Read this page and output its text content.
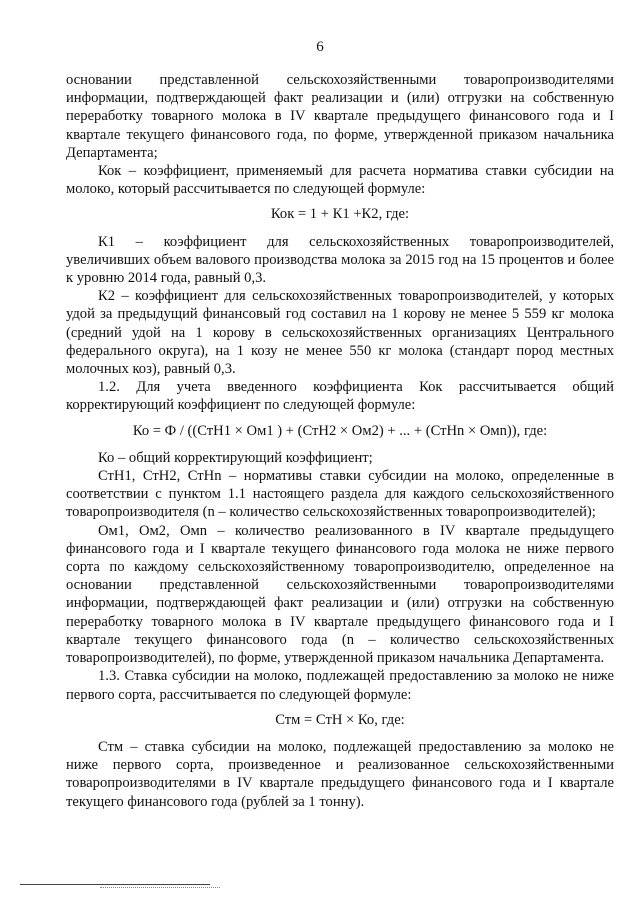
6

основании представленной сельскохозяйственными товаропроизводителями информации, подтверждающей факт реализации и (или) отгрузки на собственную переработку товарного молока в IV квартале предыдущего финансового года и I квартале текущего финансового года, по форме, утвержденной приказом начальника Департамента;

Кок – коэффициент, применяемый для расчета норматива ставки субсидии на молоко, который рассчитывается по следующей формуле:

Кок = 1 + К1 +К2, где:

К1 – коэффициент для сельскохозяйственных товаропроизводителей, увеличивших объем валового производства молока за 2015 год на 15 процентов и более к уровню 2014 года, равный 0,3.

К2 – коэффициент для сельскохозяйственных товаропроизводителей, у которых удой за предыдущий финансовый год составил на 1 корову не менее 5 559 кг молока (средний удой на 1 корову в сельскохозяйственных организациях Центрального федерального округа), на 1 козу не менее 550 кг молока (стандарт пород местных молочных коз), равный 0,3.

1.2. Для учета введенного коэффициента Кок рассчитывается общий корректирующий коэффициент по следующей формуле:

Ко = Ф / ((СтН1 × Ом1 ) + (СтН2 × Ом2) + ... + (СтНn × Омn)), где:

Ко – общий корректирующий коэффициент;

СтН1, СтН2, СтНn – нормативы ставки субсидии на молоко, определенные в соответствии с пунктом 1.1 настоящего раздела для каждого сельскохозяйственного товаропроизводителя (n – количество сельскохозяйственных товаропроизводителей);

Ом1, Ом2, Омn – количество реализованного в IV квартале предыдущего финансового года и I квартале текущего финансового года молока не ниже первого сорта по каждому сельскохозяйственному товаропроизводителю, определенное на основании представленной сельскохозяйственными товаропроизводителями информации, подтверждающей факт реализации и (или) отгрузки на собственную переработку товарного молока в IV квартале предыдущего финансового года и I квартале текущего финансового года (n – количество сельскохозяйственных товаропроизводителей), по форме, утвержденной приказом начальника Департамента.

1.3. Ставка субсидии на молоко, подлежащей предоставлению за молоко не ниже первого сорта, рассчитывается по следующей формуле:

Стм = СтН × Ко, где:

Стм – ставка субсидии на молоко, подлежащей предоставлению за молоко не ниже первого сорта, произведенное и реализованное сельскохозяйственными товаропроизводителями в IV квартале предыдущего финансового года и I квартале текущего финансового года (рублей за 1 тонну).
